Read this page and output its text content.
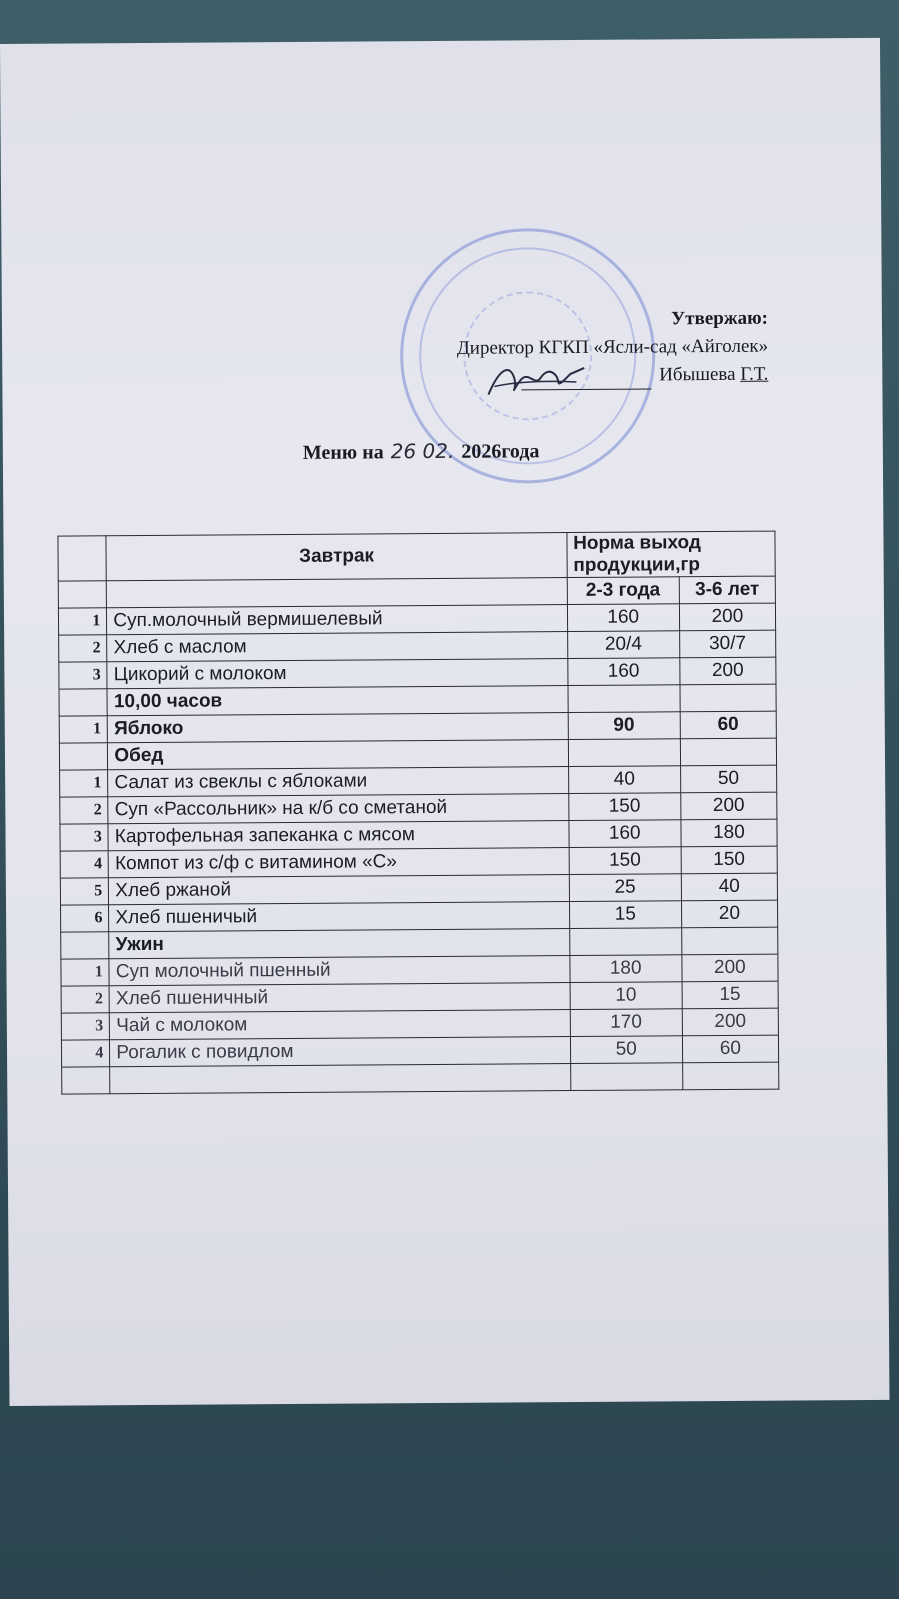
Утвержаю:
Директор КГКП «Ясли-сад «Айголек»
Ибышева Г.Т.
Меню на 26 02. 2026года
	Завтрак	Норма выход продукции,гр	
		2-3 года	3-6 лет
1	Суп.молочный вермишелевый	160	200
2	Хлеб с маслом	20/4	30/7
3	Цикорий с молоком	160	200
	10,00 часов		
1	Яблоко	90	60
	Обед		
1	Салат из свеклы с яблоками	40	50
2	Суп «Рассольник» на к/б со сметаной	150	200
3	Картофельная запеканка с мясом	160	180
4	Компот из с/ф с витамином «С»	150	150
5	Хлеб ржаной	25	40
6	Хлеб пшеничый	15	20
	Ужин		
1	Суп молочный пшенный	180	200
2	Хлеб пшеничный	10	15
3	Чай с молоком	170	200
4	Рогалик с повидлом	50	60
